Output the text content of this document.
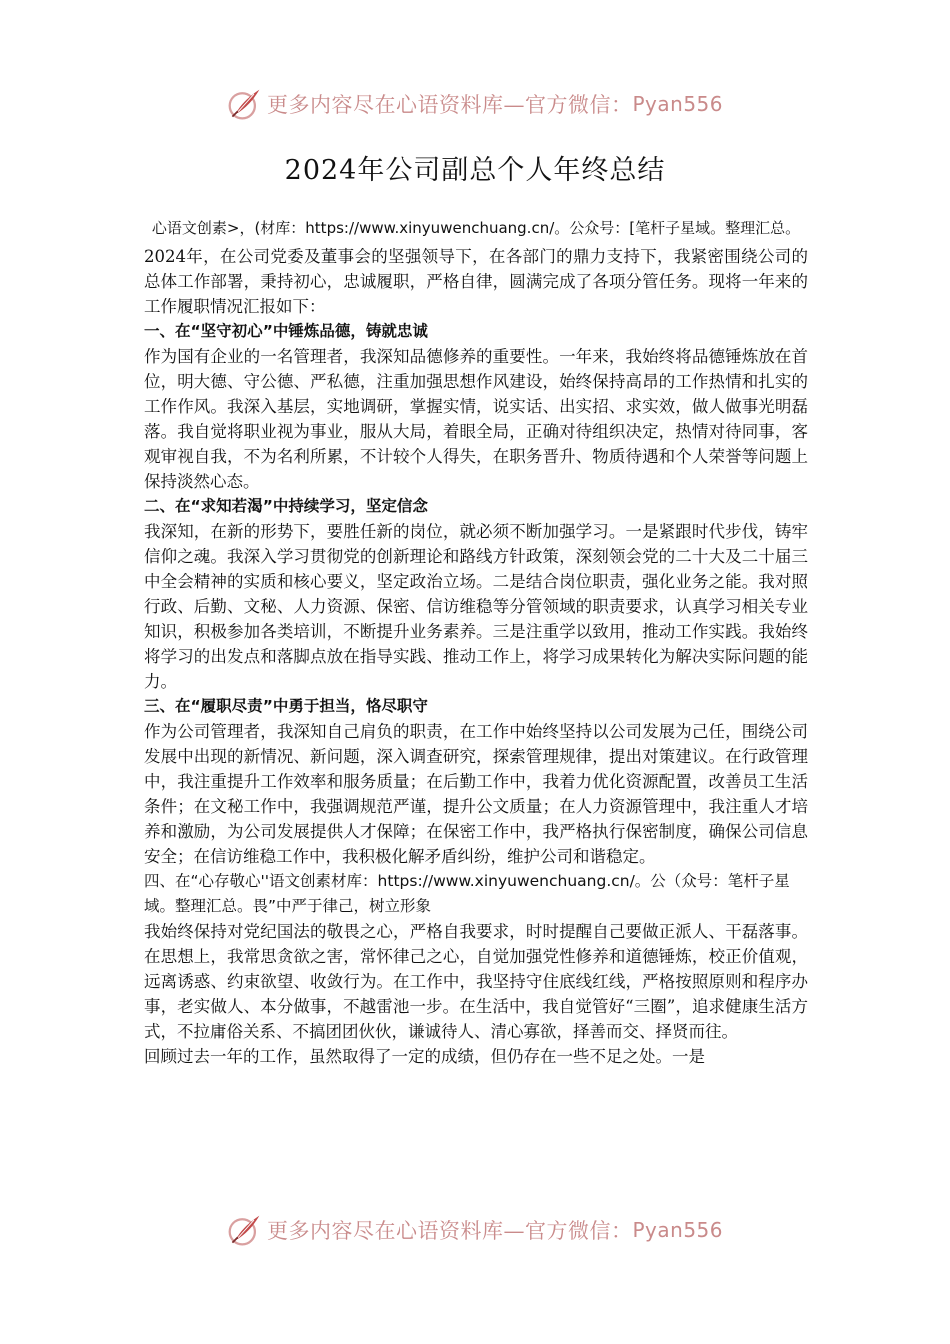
更多内容尽在心语资料库—官方微信： Pyan556
2024年公司副总个人年终总结

心语文创素>，(材库：https://www.xinyuwenchuang.cn/。公众号：[笔杆子星域。整理汇总。

2024年，在公司党委及董事会的坚强领导下，在各部门的鼎力支持下，我紧密围绕公司的总体工作部署，秉持初心，忠诚履职，严格自律，圆满完成了各项分管任务。现将一年来的工作履职情况汇报如下：

一、在“坚守初心”中锤炼品德，铸就忠诚

作为国有企业的一名管理者，我深知品德修养的重要性。一年来，我始终将品德锤炼放在首位，明大德、守公德、严私德，注重加强思想作风建设，始终保持高昂的工作热情和扎实的工作作风。我深入基层，实地调研，掌握实情，说实话、出实招、求实效，做人做事光明磊落。我自觉将职业视为事业，服从大局，着眼全局，正确对待组织决定，热情对待同事，客观审视自我，不为名利所累，不计较个人得失，在职务晋升、物质待遇和个人荣誉等问题上保持淡然心态。

二、在“求知若渴”中持续学习，坚定信念

我深知，在新的形势下，要胜任新的岗位，就必须不断加强学习。一是紧跟时代步伐，铸牢信仰之魂。我深入学习贯彻党的创新理论和路线方针政策，深刻领会党的二十大及二十届三中全会精神的实质和核心要义，坚定政治立场。二是结合岗位职责，强化业务之能。我对照行政、后勤、文秘、人力资源、保密、信访维稳等分管领域的职责要求，认真学习相关专业知识，积极参加各类培训，不断提升业务素养。三是注重学以致用，推动工作实践。我始终将学习的出发点和落脚点放在指导实践、推动工作上，将学习成果转化为解决实际问题的能力。

三、在“履职尽责”中勇于担当，恪尽职守

作为公司管理者，我深知自己肩负的职责，在工作中始终坚持以公司发展为己任，围绕公司发展中出现的新情况、新问题，深入调查研究，探索管理规律，提出对策建议。在行政管理中，我注重提升工作效率和服务质量；在后勤工作中，我着力优化资源配置，改善员工生活条件；在文秘工作中，我强调规范严谨，提升公文质量；在人力资源管理中，我注重人才培养和激励，为公司发展提供人才保障；在保密工作中，我严格执行保密制度，确保公司信息安全；在信访维稳工作中，我积极化解矛盾纠纷，维护公司和谐稳定。

四、在“心存敬心''语文创素材库：https://www.xinyuwenchuang.cn/。公（众号：笔杆子星域。整理汇总。畏”中严于律己，树立形象

我始终保持对党纪国法的敬畏之心，严格自我要求，时时提醒自己要做正派人、干磊落事。在思想上，我常思贪欲之害，常怀律己之心，自觉加强党性修养和道德锤炼，校正价值观，远离诱惑、约束欲望、收敛行为。在工作中，我坚持守住底线红线，严格按照原则和程序办事，老实做人、本分做事，不越雷池一步。在生活中，我自觉管好“三圈”，追求健康生活方式，不拉庸俗关系、不搞团团伙伙，谦诚待人、清心寡欲，择善而交、择贤而往。

回顾过去一年的工作，虽然取得了一定的成绩，但仍存在一些不足之处。一是

更多内容尽在心语资料库—官方微信： Pyan556
